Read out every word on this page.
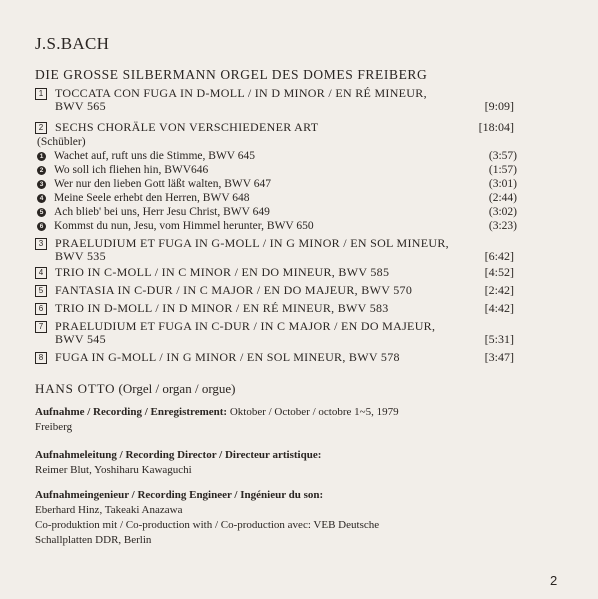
J.S.BACH
DIE GROSSE SILBERMANN ORGEL DES DOMES FREIBERG
1 TOCCATA CON FUGA IN D-MOLL / IN D MINOR / EN RÉ MINEUR,
BWV 565	[9:09]
2 SECHS CHORÄLE VON VERSCHIEDENER ART	[18:04]
(Schübler)
1 Wachet auf, ruft uns die Stimme, BWV 645	(3:57)
2 Wo soll ich fliehen hin, BWV646	(1:57)
3 Wer nur den lieben Gott läßt walten, BWV 647	(3:01)
4 Meine Seele erhebt den Herren, BWV 648	(2:44)
5 Ach blieb' bei uns, Herr Jesu Christ, BWV 649	(3:02)
6 Kommst du nun, Jesu, vom Himmel herunter, BWV 650	(3:23)
3 PRAELUDIUM ET FUGA IN G-MOLL / IN G MINOR / EN SOL MINEUR,
BWV 535	[6:42]
4 TRIO IN C-MOLL / IN C MINOR / EN DO MINEUR, BWV 585	[4:52]
5 FANTASIA IN C-DUR / IN C MAJOR / EN DO MAJEUR, BWV 570	[2:42]
6 TRIO IN D-MOLL / IN D MINOR / EN RÉ MINEUR, BWV 583	[4:42]
7 PRAELUDIUM ET FUGA IN C-DUR / IN C MAJOR / EN DO MAJEUR,
BWV 545	[5:31]
8 FUGA IN G-MOLL / IN G MINOR / EN SOL MINEUR, BWV 578	[3:47]
HANS OTTO (Orgel / organ / orgue)
Aufnahme / Recording / Enregistrement: Oktober / October / octobre 1~5, 1979
Freiberg
Aufnahmeleitung / Recording Director / Directeur artistique:
Reimer Blut, Yoshiharu Kawaguchi
Aufnahmeingenieur / Recording Engineer / Ingénieur du son:
Eberhard Hinz, Takeaki Anazawa
Co-produktion mit / Co-production with / Co-production avec: VEB Deutsche
Schallplatten DDR, Berlin
2
